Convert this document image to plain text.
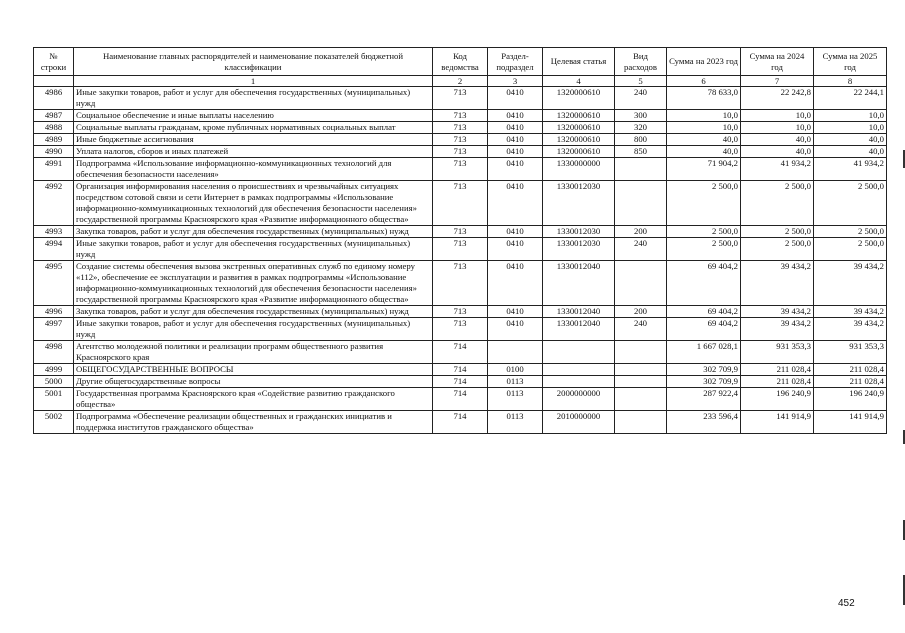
№ строки	Наименование главных распорядителей и наименование показателей бюджетной классификации	Код ведомства	Раздел-подраздел	Целевая статья	Вид расходов	Сумма на 2023 год	Сумма на 2024 год	Сумма на 2025 год
	1	2	3	4	5	6	7	8
4986	Иные закупки товаров, работ и услуг для обеспечения государственных (муниципальных) нужд	713	0410	1320000610	240	78 633,0	22 242,8	22 244,1
4987	Социальное обеспечение и иные выплаты населению	713	0410	1320000610	300	10,0	10,0	10,0
4988	Социальные выплаты гражданам, кроме публичных нормативных социальных выплат	713	0410	1320000610	320	10,0	10,0	10,0
4989	Иные бюджетные ассигнования	713	0410	1320000610	800	40,0	40,0	40,0
4990	Уплата налогов, сборов и иных платежей	713	0410	1320000610	850	40,0	40,0	40,0
4991	Подпрограмма «Использование информационно-коммуникационных технологий для обеспечения безопасности населения»	713	0410	1330000000		71 904,2	41 934,2	41 934,2
4992	Организация информирования населения о происшествиях и чрезвычайных ситуациях посредством сотовой связи и сети Интернет в рамках подпрограммы «Использование информационно-коммуникационных технологий для обеспечения безопасности населения» государственной программы Красноярского края «Развитие информационного общества»	713	0410	1330012030		2 500,0	2 500,0	2 500,0
4993	Закупка товаров, работ и услуг для обеспечения государственных (муниципальных) нужд	713	0410	1330012030	200	2 500,0	2 500,0	2 500,0
4994	Иные закупки товаров, работ и услуг для обеспечения государственных (муниципальных) нужд	713	0410	1330012030	240	2 500,0	2 500,0	2 500,0
4995	Создание системы обеспечения вызова экстренных оперативных служб по единому номеру «112», обеспечение ее эксплуатации и развития в рамках подпрограммы «Использование информационно-коммуникационных технологий для обеспечения безопасности населения» государственной программы Красноярского края «Развитие информационного общества»	713	0410	1330012040		69 404,2	39 434,2	39 434,2
4996	Закупка товаров, работ и услуг для обеспечения государственных (муниципальных) нужд	713	0410	1330012040	200	69 404,2	39 434,2	39 434,2
4997	Иные закупки товаров, работ и услуг для обеспечения государственных (муниципальных) нужд	713	0410	1330012040	240	69 404,2	39 434,2	39 434,2
4998	Агентство молодежной политики и реализации программ общественного развития Красноярского края	714				1 667 028,1	931 353,3	931 353,3
4999	ОБЩЕГОСУДАРСТВЕННЫЕ ВОПРОСЫ	714	0100			302 709,9	211 028,4	211 028,4
5000	Другие общегосударственные вопросы	714	0113			302 709,9	211 028,4	211 028,4
5001	Государственная программа Красноярского края «Содействие развитию гражданского общества»	714	0113	2000000000		287 922,4	196 240,9	196 240,9
5002	Подпрограмма «Обеспечение реализации общественных и гражданских инициатив и поддержка институтов гражданского общества»	714	0113	2010000000		233 596,4	141 914,9	141 914,9
452
